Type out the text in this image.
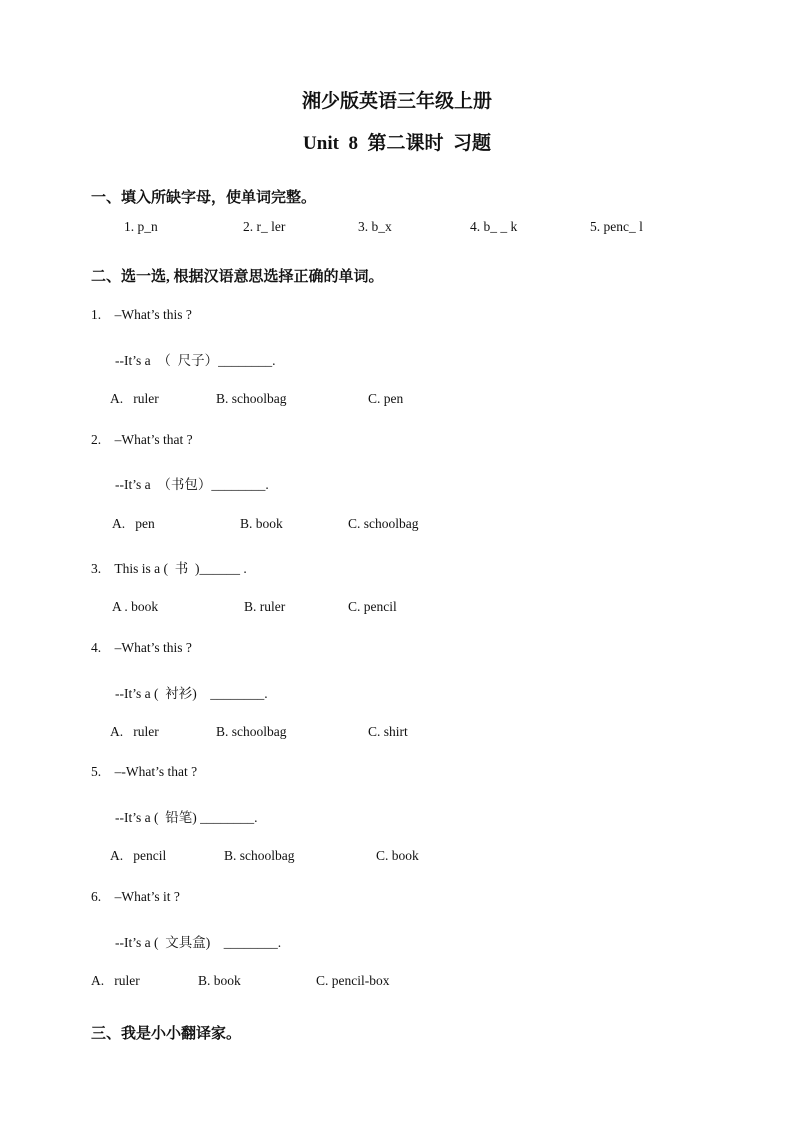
湘少版英语三年级上册
Unit  8  第二课时  习题
一、填入所缺字母，使单词完整。
1. p_n	2. r_ ler	3. b_x	4. b_ _ k	5. penc_ l
二、选一选, 根据汉语意思选择正确的单词。
1.    –What’s this ?
--It’s a  （  尺子）________.
A.   ruler	B. schoolbag	C. pen
2.    –What’s that ?
--It’s a  （书包）________.
A.   pen	B. book	C. schoolbag
3.    This is a (  书  )______ .
A . book	B. ruler	C. pencil
4.    –What’s this ?
--It’s a (  衬衫)    ________.
A.   ruler	B. schoolbag	C. shirt
5.    –-What’s that ?
--It’s a (  铅笔) ________.
A.   pencil	B. schoolbag	C. book
6.    –What’s it ?
--It’s a (  文具盒)    ________.
A.   ruler	B. book	C. pencil-box
三、我是小小翻译家。
